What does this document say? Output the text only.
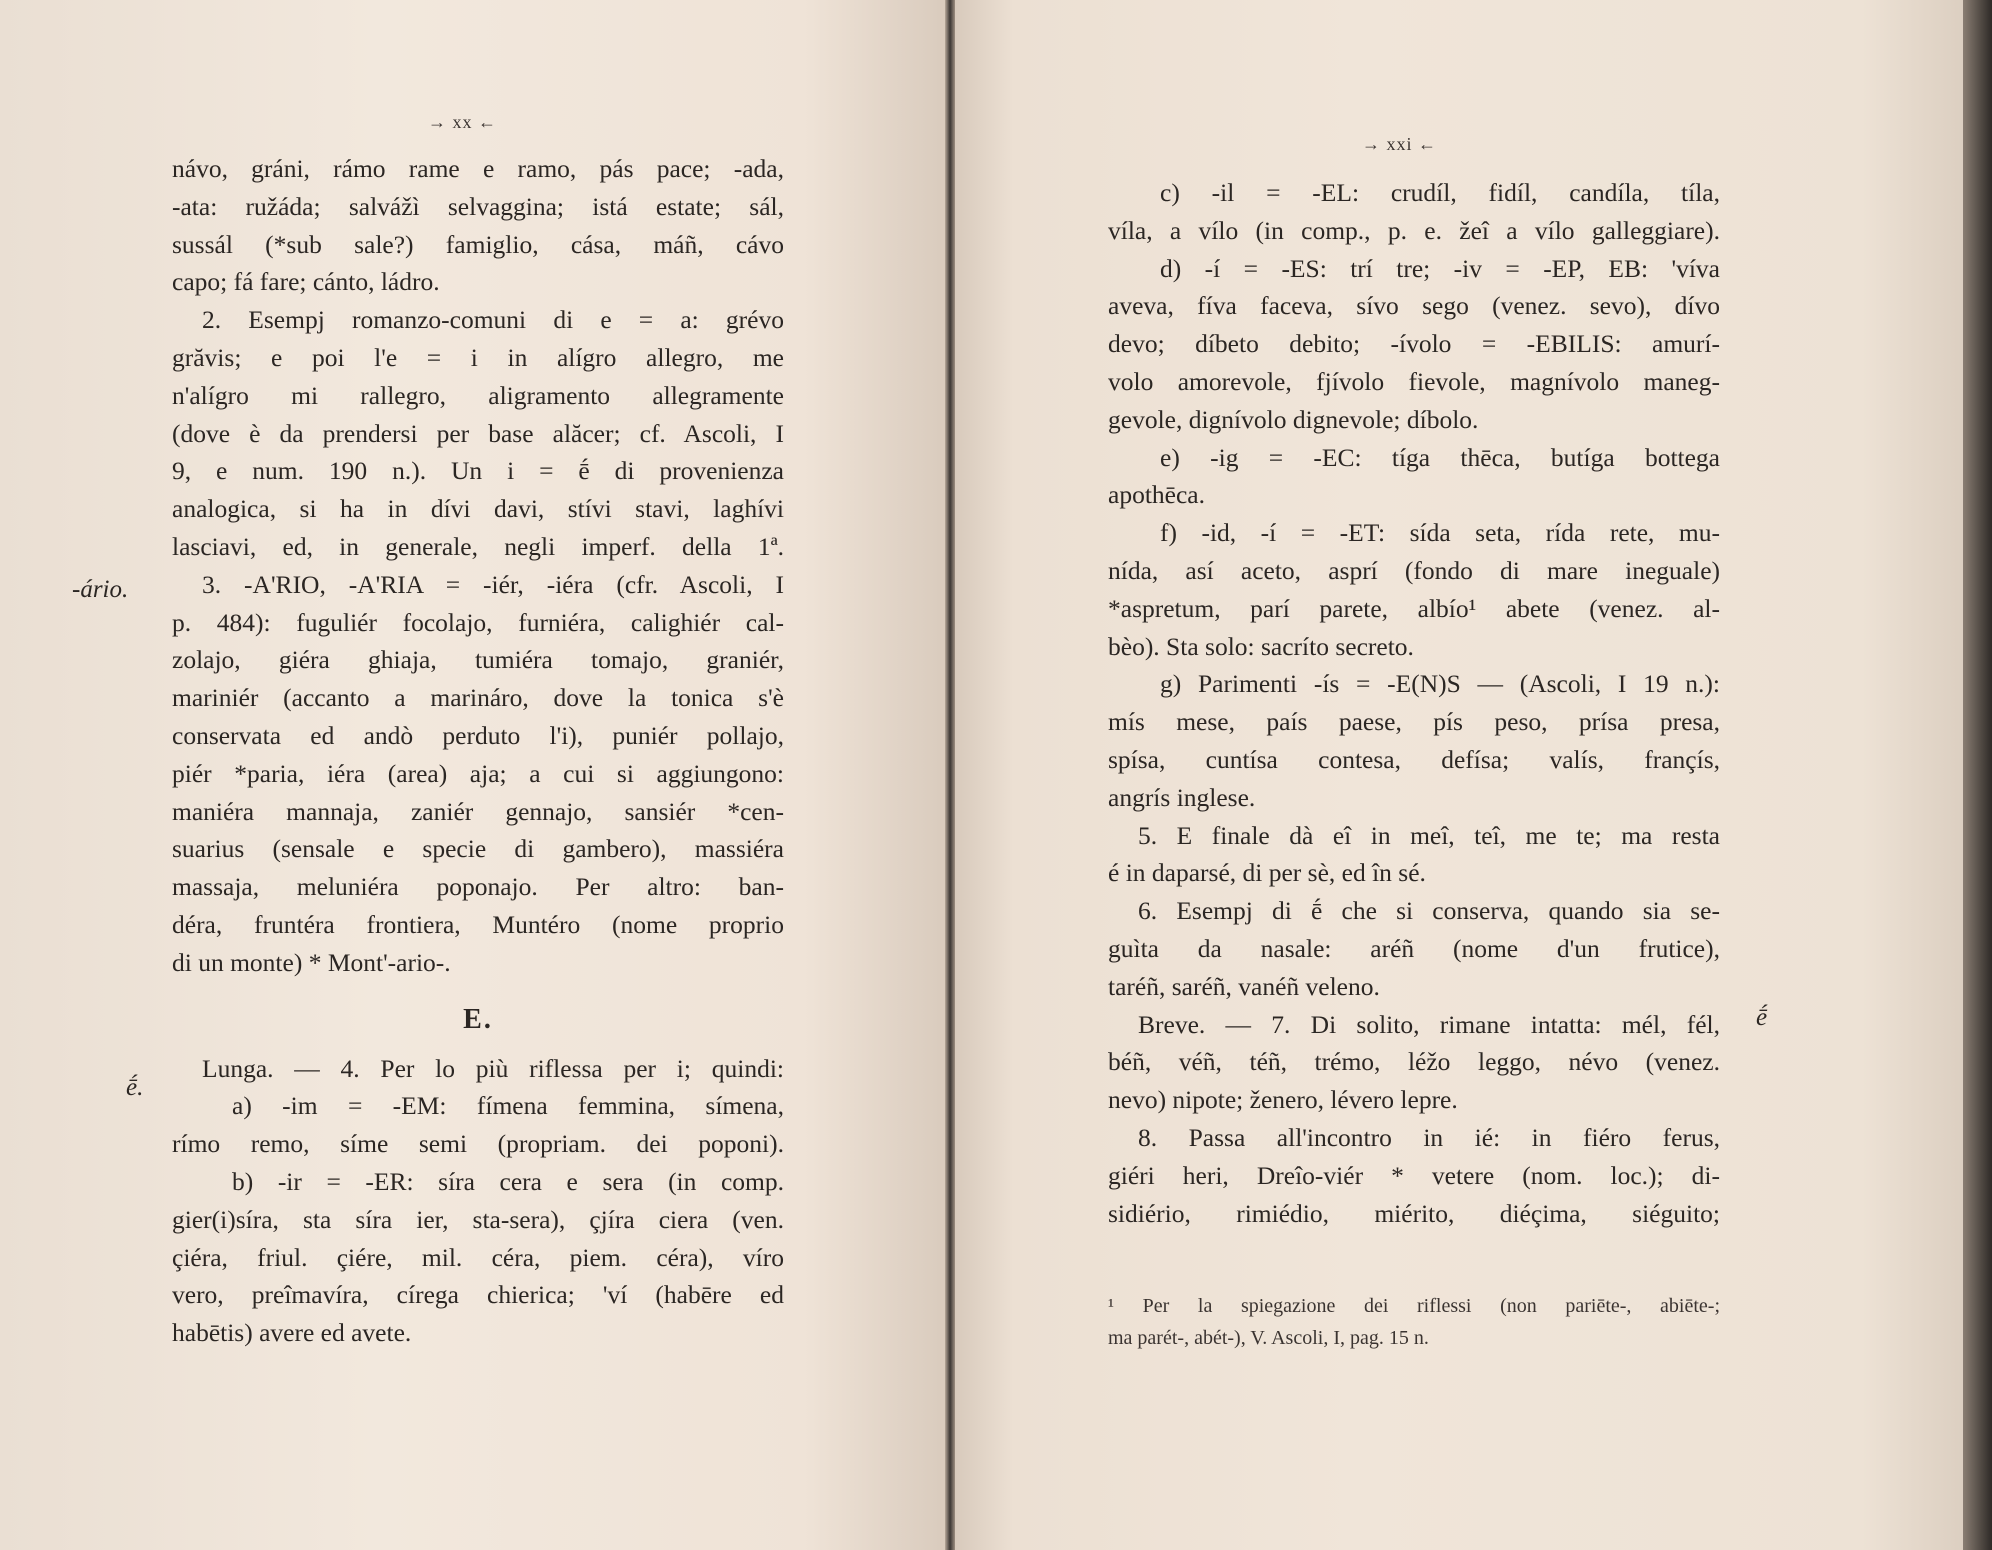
→ xx ←
návo, gráni, rámo rame e ramo, pás pace; -ada,
-ata: ružáda; salvážì selvaggina; istá estate; sál,
sussál (*sub sale?) famiglio, cása, máñ, cávo
capo; fá fare; cánto, ládro.
2. Esempj romanzo-comuni di e = a: grévo
grăvis; e poi l'e = i in alígro allegro, me
n'alígro mi rallegro, aligramento allegramente
(dove è da prendersi per base alăcer; cf. Ascoli, I
9, e num. 190 n.). Un i = ḗ di provenienza
analogica, si ha in dívi davi, stívi stavi, laghívi
lasciavi, ed, in generale, negli imperf. della 1ª.
3. -A'RIO, -A'RIA = -iér, -iéra (cfr. Ascoli, I
p. 484): fuguliér focolajo, furniéra, calighiér cal-
zolajo, giéra ghiaja, tumiéra tomajo, graniér,
mariniér (accanto a marináro, dove la tonica s'è
conservata ed andò perduto l'i), puniér pollajo,
piér *paria, iéra (area) aja; a cui si aggiungono:
maniéra mannaja, zaniér gennajo, sansiér *cen-
suarius (sensale e specie di gambero), massiéra
massaja, meluniéra poponajo. Per altro: ban-
déra, fruntéra frontiera, Muntéro (nome proprio
di un monte) * Mont'-ario-.
E.
Lunga. — 4. Per lo più riflessa per i; quindi:
a) -im = -EM: fímena femmina, símena,
rímo remo, síme semi (propriam. dei poponi).
b) -ir = -ER: síra cera e sera (in comp.
gier(i)síra, sta síra ier, sta-sera), çjíra ciera (ven.
çiéra, friul. çiére, mil. céra, piem. céra), víro
vero, preîmavíra, círega chierica; 'ví (habēre ed
habētis) avere ed avete.
-ário.
ḗ.
→ xxi ←
c) -il = -EL: crudíl, fidíl, candíla, tíla,
víla, a vílo (in comp., p. e. žeî a vílo galleggiare).
d) -í = -ES: trí tre; -iv = -EP, EB: 'víva
aveva, fíva faceva, sívo sego (venez. sevo), dívo
devo; díbeto debito; -ívolo = -EBILIS: amurí-
volo amorevole, fjívolo fievole, magnívolo maneg-
gevole, dignívolo dignevole; díbolo.
e) -ig = -EC: tíga thēca, butíga bottega
apothēca.
f) -id, -í = -ET: sída seta, rída rete, mu-
nída, así aceto, asprí (fondo di mare ineguale)
*aspretum, parí parete, albío¹ abete (venez. al-
bèo). Sta solo: sacríto secreto.
g) Parimenti -ís = -E(N)S — (Ascoli, I 19 n.):
mís mese, país paese, pís peso, prísa presa,
spísa, cuntísa contesa, defísa; valís, françís,
angrís inglese.
5. E finale dà eî in meî, teî, me te; ma resta
é in daparsé, di per sè, ed în sé.
6. Esempj di ḗ che si conserva, quando sia se-
guìta da nasale: aréñ (nome d'un frutice),
taréñ, saréñ, vanéñ veleno.
Breve. — 7. Di solito, rimane intatta: mél, fél,
béñ, véñ, téñ, trémo, léžo leggo, névo (venez.
nevo) nipote; ženero, lévero lepre.
8. Passa all'incontro in ié: in fiéro ferus,
giéri heri, Dreîo-viér * vetere (nom. loc.); di-
sidiério, rimiédio, miérito, diéçima, siéguito;
ḗ
¹ Per la spiegazione dei riflessi (non pariēte-, abiēte-;
ma parét-, abét-), V. Ascoli, I, pag. 15 n.
